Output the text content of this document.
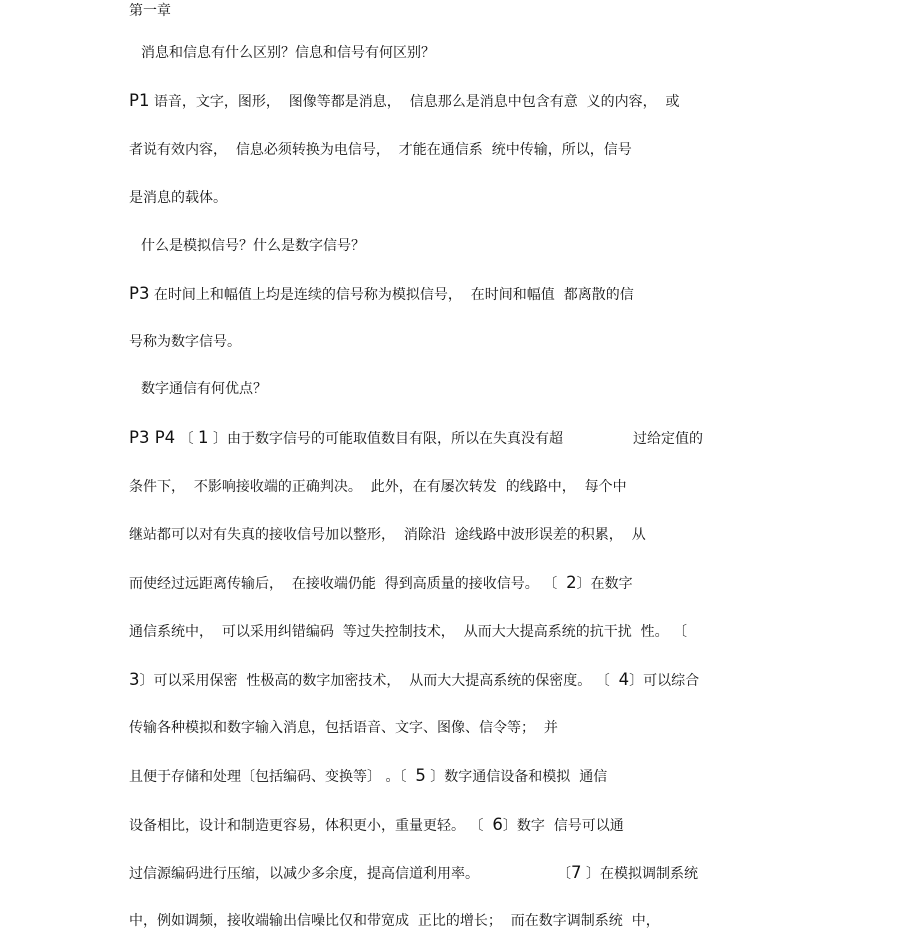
第一章
消息和信息有什么区别？信息和信号有何区别？
P1 语音，文字，图形，  图像等都是消息，  信息那么是消息中包含有意  义的内容，  或
者说有效内容，  信息必须转换为电信号，  才能在通信系  统中传输，所以，信号
是消息的载体。
什么是模拟信号？什么是数字信号？
P3 在时间上和幅值上均是连续的信号称为模拟信号，  在时间和幅值  都离散的信
号称为数字信号。
数字通信有何优点？
P3 P4 〔 1 〕由于数字信号的可能取值数目有限，所以在失真没有超	过给定值的
条件下，  不影响接收端的正确判决。  此外，在有屡次转发  的线路中，  每个中
继站都可以对有失真的接收信号加以整形，  消除沿  途线路中波形误差的积累，  从
而使经过远距离传输后，  在接收端仍能  得到高质量的接收信号。 〔  2〕在数字
通信系统中，  可以采用纠错编码  等过失控制技术，  从而大大提高系统的抗干扰  性。 〔
3〕可以采用保密  性极高的数字加密技术，  从而大大提高系统的保密度。 〔  4〕可以综合
传输各种模拟和数字输入消息，包括语音、文字、图像、信令等；  并
且便于存储和处理〔包括编码、变换等〕 。〔  5 〕数字通信设备和模拟  通信
设备相比，设计和制造更容易，体积更小，重量更轻。 〔  6〕数字  信号可以通
过信源编码进行压缩，以减少多余度，提高信道利用率。	〔7 〕在模拟调制系统
中，例如调频，接收端输出信噪比仅和带宽成  正比的增长；  而在数字调制系统  中，
